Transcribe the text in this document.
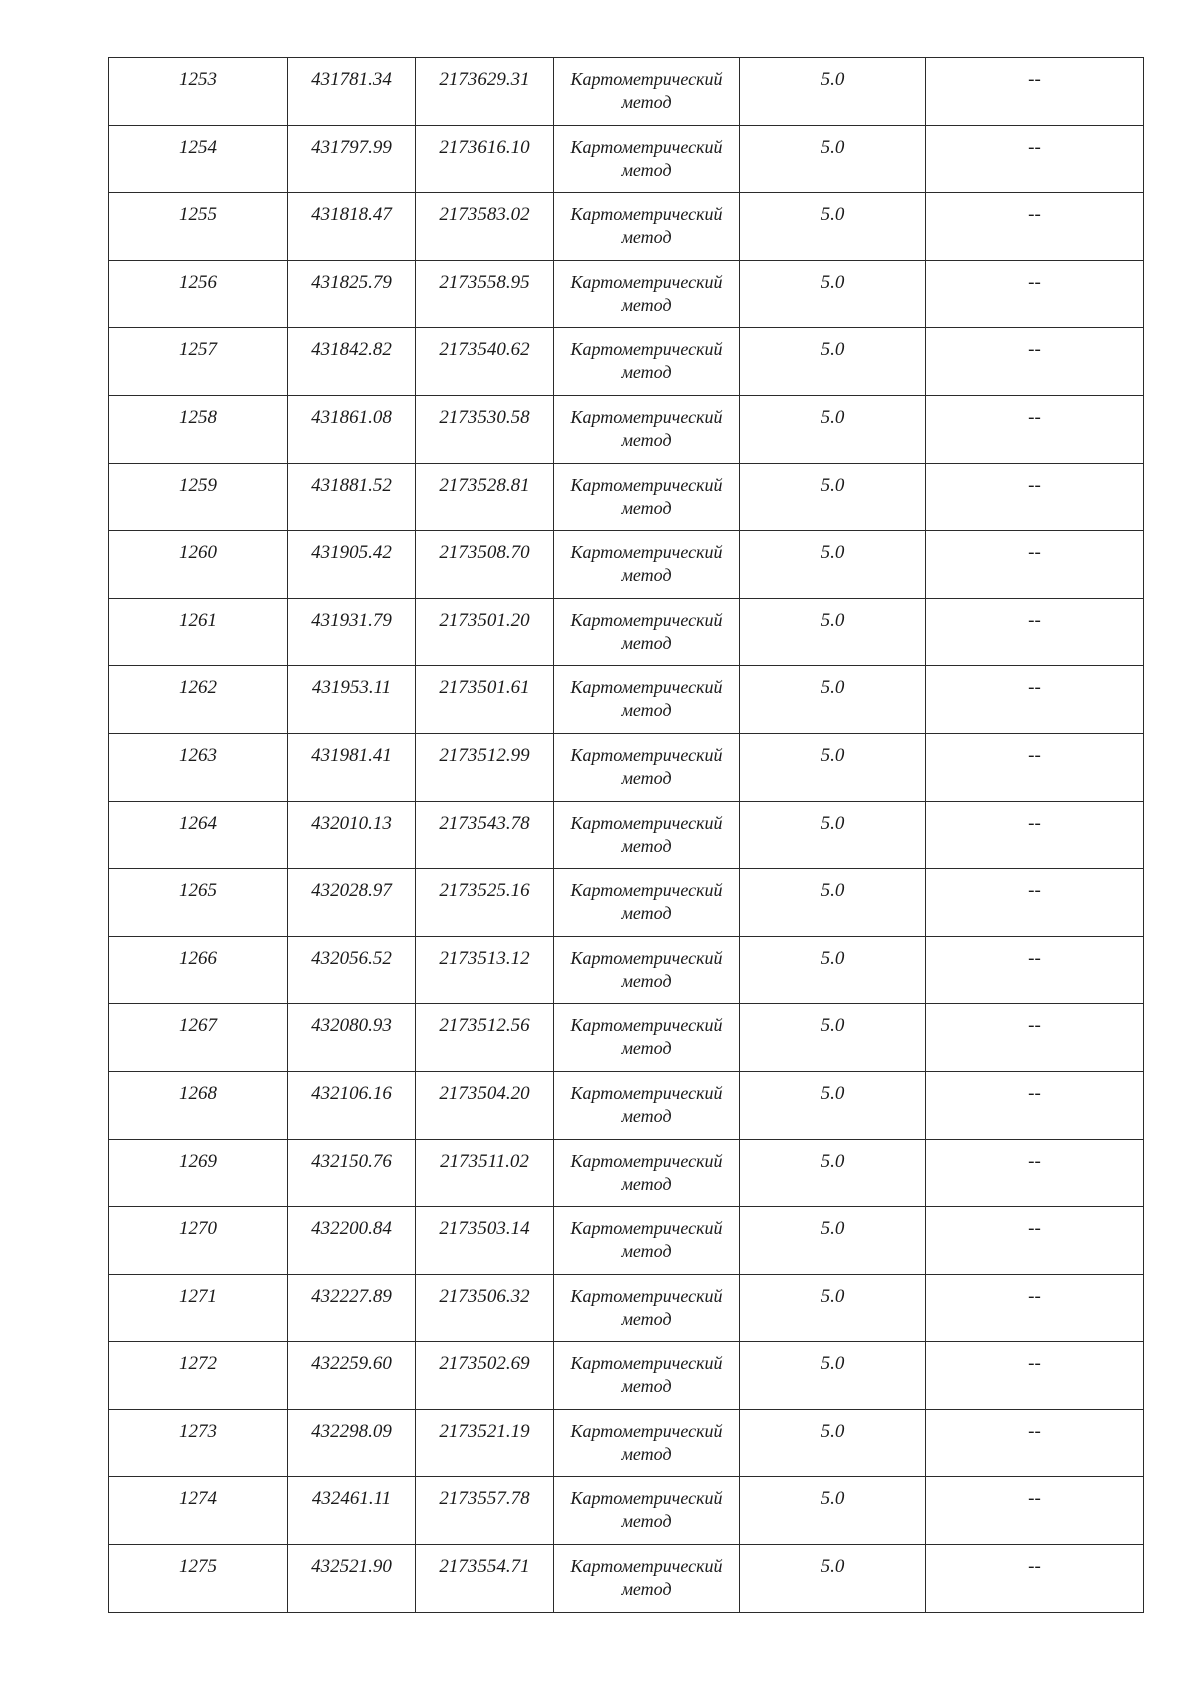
1253	431781.34	2173629.31	Картометрический метод	5.0	--
1254	431797.99	2173616.10	Картометрический метод	5.0	--
1255	431818.47	2173583.02	Картометрический метод	5.0	--
1256	431825.79	2173558.95	Картометрический метод	5.0	--
1257	431842.82	2173540.62	Картометрический метод	5.0	--
1258	431861.08	2173530.58	Картометрический метод	5.0	--
1259	431881.52	2173528.81	Картометрический метод	5.0	--
1260	431905.42	2173508.70	Картометрический метод	5.0	--
1261	431931.79	2173501.20	Картометрический метод	5.0	--
1262	431953.11	2173501.61	Картометрический метод	5.0	--
1263	431981.41	2173512.99	Картометрический метод	5.0	--
1264	432010.13	2173543.78	Картометрический метод	5.0	--
1265	432028.97	2173525.16	Картометрический метод	5.0	--
1266	432056.52	2173513.12	Картометрический метод	5.0	--
1267	432080.93	2173512.56	Картометрический метод	5.0	--
1268	432106.16	2173504.20	Картометрический метод	5.0	--
1269	432150.76	2173511.02	Картометрический метод	5.0	--
1270	432200.84	2173503.14	Картометрический метод	5.0	--
1271	432227.89	2173506.32	Картометрический метод	5.0	--
1272	432259.60	2173502.69	Картометрический метод	5.0	--
1273	432298.09	2173521.19	Картометрический метод	5.0	--
1274	432461.11	2173557.78	Картометрический метод	5.0	--
1275	432521.90	2173554.71	Картометрический метод	5.0	--
